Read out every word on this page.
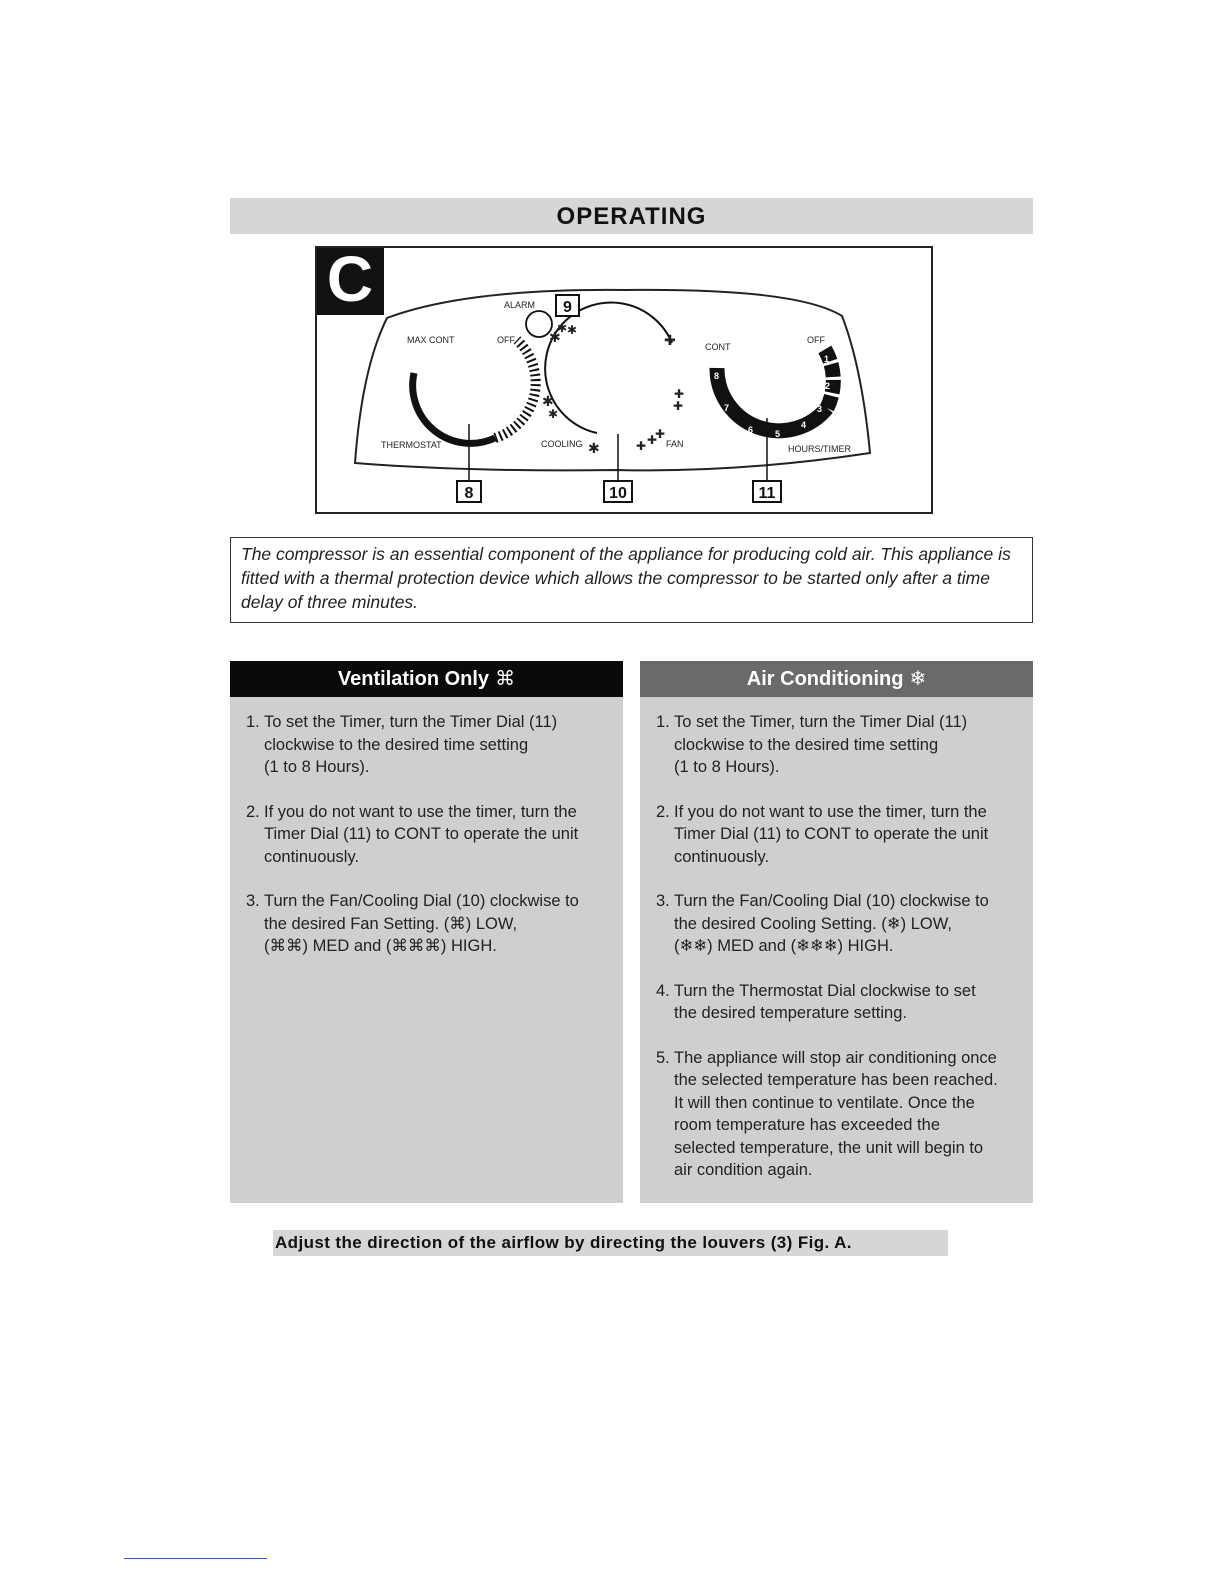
OPERATING
C
MAX CONT	OFF
THERMOSTAT
ALARM
✱
✱ ✱
✱
✱
✱
✚
✚
✚
✚ ✚
✚
COOLING	FAN
1
2
3
4
5
6
7
8
CONT
OFF
HOURS/TIMER
9
8	10	11
The compressor is an essential component of the appliance for producing cold air. This appliance is fitted with a thermal protection device which allows the compressor to be started only after a time delay of three minutes.
Ventilation Only ⌘
1. To set the Timer, turn the Timer Dial (11)
clockwise to the desired time setting
(1 to 8 Hours).
2. If you do not want to use the timer, turn the
Timer Dial (11) to CONT to operate the unit
continuously.
3. Turn the Fan/Cooling Dial (10) clockwise to
the desired Fan Setting. (⌘) LOW,
(⌘⌘) MED and (⌘⌘⌘) HIGH.
Air Conditioning ❄
1. To set the Timer, turn the Timer Dial (11)
clockwise to the desired time setting
(1 to 8 Hours).
2. If you do not want to use the timer, turn the
Timer Dial (11) to CONT to operate the unit
continuously.
3. Turn the Fan/Cooling Dial (10) clockwise to
the desired Cooling Setting. (❄) LOW,
(❄❄) MED and (❄❄❄) HIGH.
4. Turn the Thermostat Dial clockwise to set
the desired temperature setting.
5. The appliance will stop air conditioning once
the selected temperature has been reached.
It will then continue to ventilate. Once the
room temperature has exceeded the
selected temperature, the unit will begin to
air condition again.
Adjust the direction of the airflow by directing the louvers (3) Fig. A.
